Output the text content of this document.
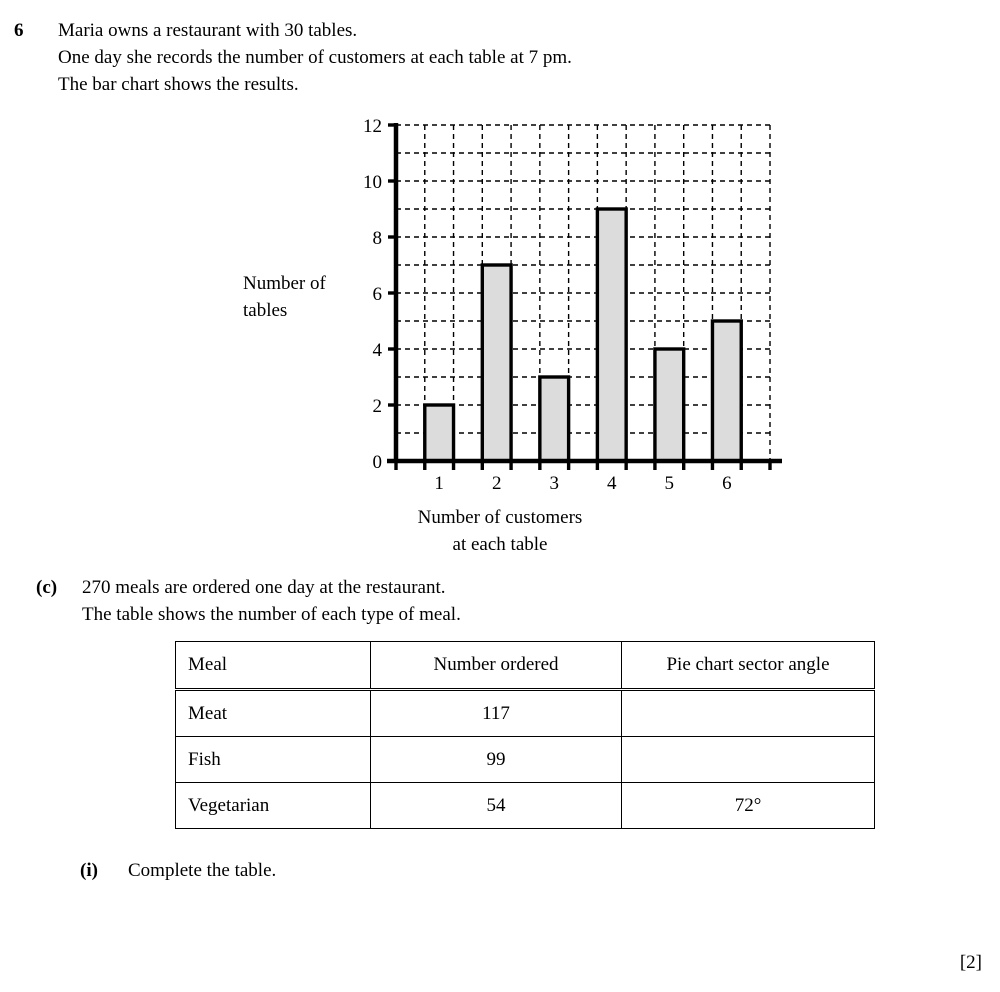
6 Maria owns a restaurant with 30 tables.
One day she records the number of customers at each table at 7 pm.
The bar chart shows the results.
0
2
4
6
8
10
12
1	2	3	4	5	6
Number of
tables
Number of customers
at each table
(c) 270 meals are ordered one day at the restaurant.
The table shows the number of each type of meal.
Meal	Number ordered	Pie chart sector angle
Meat	117	
Fish	99	
Vegetarian	54	72°
(i) Complete the table.
[2]
